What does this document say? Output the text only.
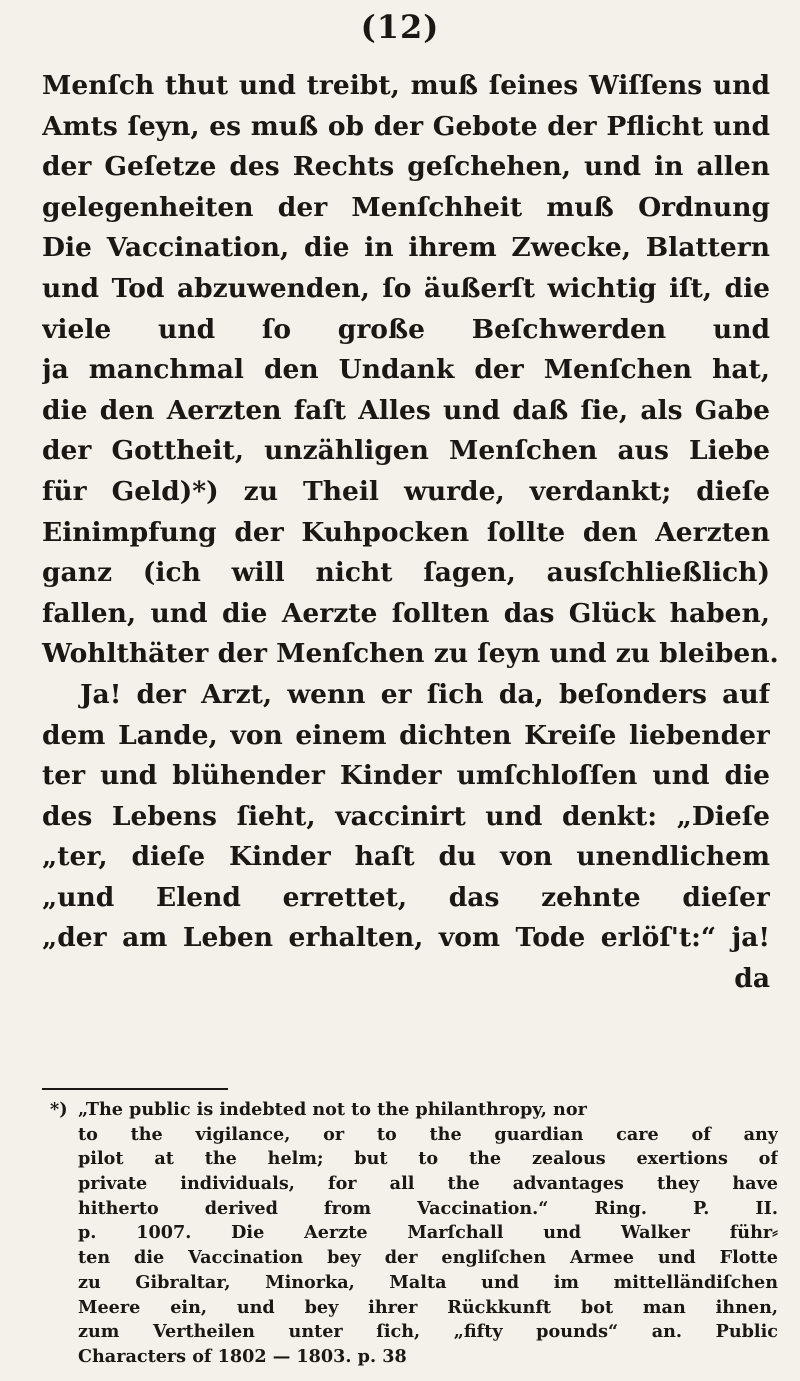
(12)
Menſch thut und treibt, muß ſeines Wiſſens und
Amts ſeyn, es muß ob der Gebote der Pflicht und
der Geſetze des Rechts geſchehen, und in allen
gelegenheiten der Menſchheit muß Ordnung
Die Vaccination, die in ihrem Zwecke, Blattern
und Tod abzuwenden, ſo äußerſt wichtig iſt, die
viele und ſo große Beſchwerden und
ja manchmal den Undank der Menſchen hat,
die den Aerzten faſt Alles und daß ſie, als Gabe
der Gottheit, unzähligen Menſchen aus Liebe
für Geld)*) zu Theil wurde, verdankt; dieſe
Einimpfung der Kuhpocken ſollte den Aerzten
ganz (ich will nicht ſagen, ausſchließlich)
fallen, und die Aerzte ſollten das Glück haben,
Wohlthäter der Menſchen zu ſeyn und zu bleiben.
Ja! der Arzt, wenn er ſich da, beſonders auf
dem Lande, von einem dichten Kreiſe liebender
ter und blühender Kinder umſchloſſen und die
des Lebens ſieht, vaccinirt und denkt: „Dieſe
„ter, dieſe Kinder haſt du von unendlichem
„und Elend errettet, das zehnte dieſer
„der am Leben erhalten, vom Tode erlöſ't:“ ja!
da
*) „The public is indebted not to the philanthropy, nor
to the vigilance, or to the guardian care of any
pilot at the helm; but to the zealous exertions of
private individuals, for all the advantages they have
hitherto derived from Vaccination.“ Ring. P. II.
p. 1007. Die Aerzte Marſchall und Walker führ⸗
ten die Vaccination bey der engliſchen Armee und Flotte
zu Gibraltar, Minorka, Malta und im mittelländiſchen
Meere ein, und bey ihrer Rückkunft bot man ihnen,
zum Vertheilen unter ſich, „fifty pounds“ an. Public
Characters of 1802 — 1803. p. 38
